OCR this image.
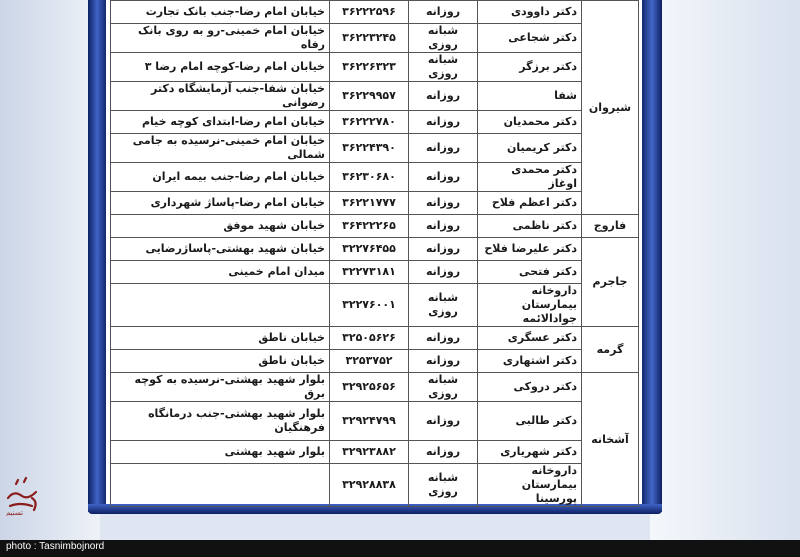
شیروان	دکتر داوودی	روزانه	۳۶۲۲۲۵۹۶	خیابان امام رضا-جنب بانک تجارت
	دکتر شجاعی	شبانه روزی	۳۶۲۲۳۲۴۵	خیابان امام خمینی-رو به روی بانک رفاه
	دکتر برزگر	شبانه روزی	۳۶۲۲۶۳۲۳	خیابان امام رضا-کوچه امام رضا ۳
	شفا	روزانه	۳۶۲۲۹۹۵۷	خیابان شفا-جنب آزمایشگاه دکتر رضوانی
	دکتر محمدیان	روزانه	۳۶۲۲۲۷۸۰	خیابان امام رضا-ابتدای کوچه خیام
	دکتر کریمیان	روزانه	۳۶۲۲۴۳۹۰	خیابان امام خمینی-نرسیده به جامی شمالی
	دکتر محمدی اوغاز	روزانه	۳۶۲۳۰۶۸۰	خیابان امام رضا-جنب بیمه ایران
	دکتر اعظم فلاح	روزانه	۳۶۲۲۱۷۷۷	خیابان امام رضا-پاساژ شهرداری
فاروج	دکتر ناظمی	روزانه	۳۶۴۲۲۲۶۵	خیابان شهید موفق
جاجرم	دکتر علیرضا فلاح	روزانه	۳۲۲۷۶۴۵۵	خیابان شهید بهشتی-پاساژرضایی
	دکتر فتحی	روزانه	۳۲۲۷۳۱۸۱	میدان امام خمینی
	داروخانه بیمارستان جوادالائمه	شبانه روزی	۳۲۲۷۶۰۰۱	
گرمه	دکتر عسگری	روزانه	۳۲۵۰۵۶۲۶	خیابان ناطق
	دکتر اشتهاری	روزانه	۳۲۵۳۷۵۲	خیابان ناطق
آشخانه	دکتر دروکی	شبانه روزی	۳۲۹۲۵۶۵۶	بلوار شهید بهشتی-نرسیده به کوچه برق
	دکتر طالبی	روزانه	۳۲۹۲۴۷۹۹	بلوار شهید بهشتی-جنب درمانگاه فرهنگیان
	دکتر شهریاری	روزانه	۳۲۹۲۳۸۸۲	بلوار شهید بهشتی
	داروخانه بیمارستان پورسینا	شبانه روزی	۳۲۹۲۸۸۳۸	
تسنیم
photo : Tasnimbojnord
